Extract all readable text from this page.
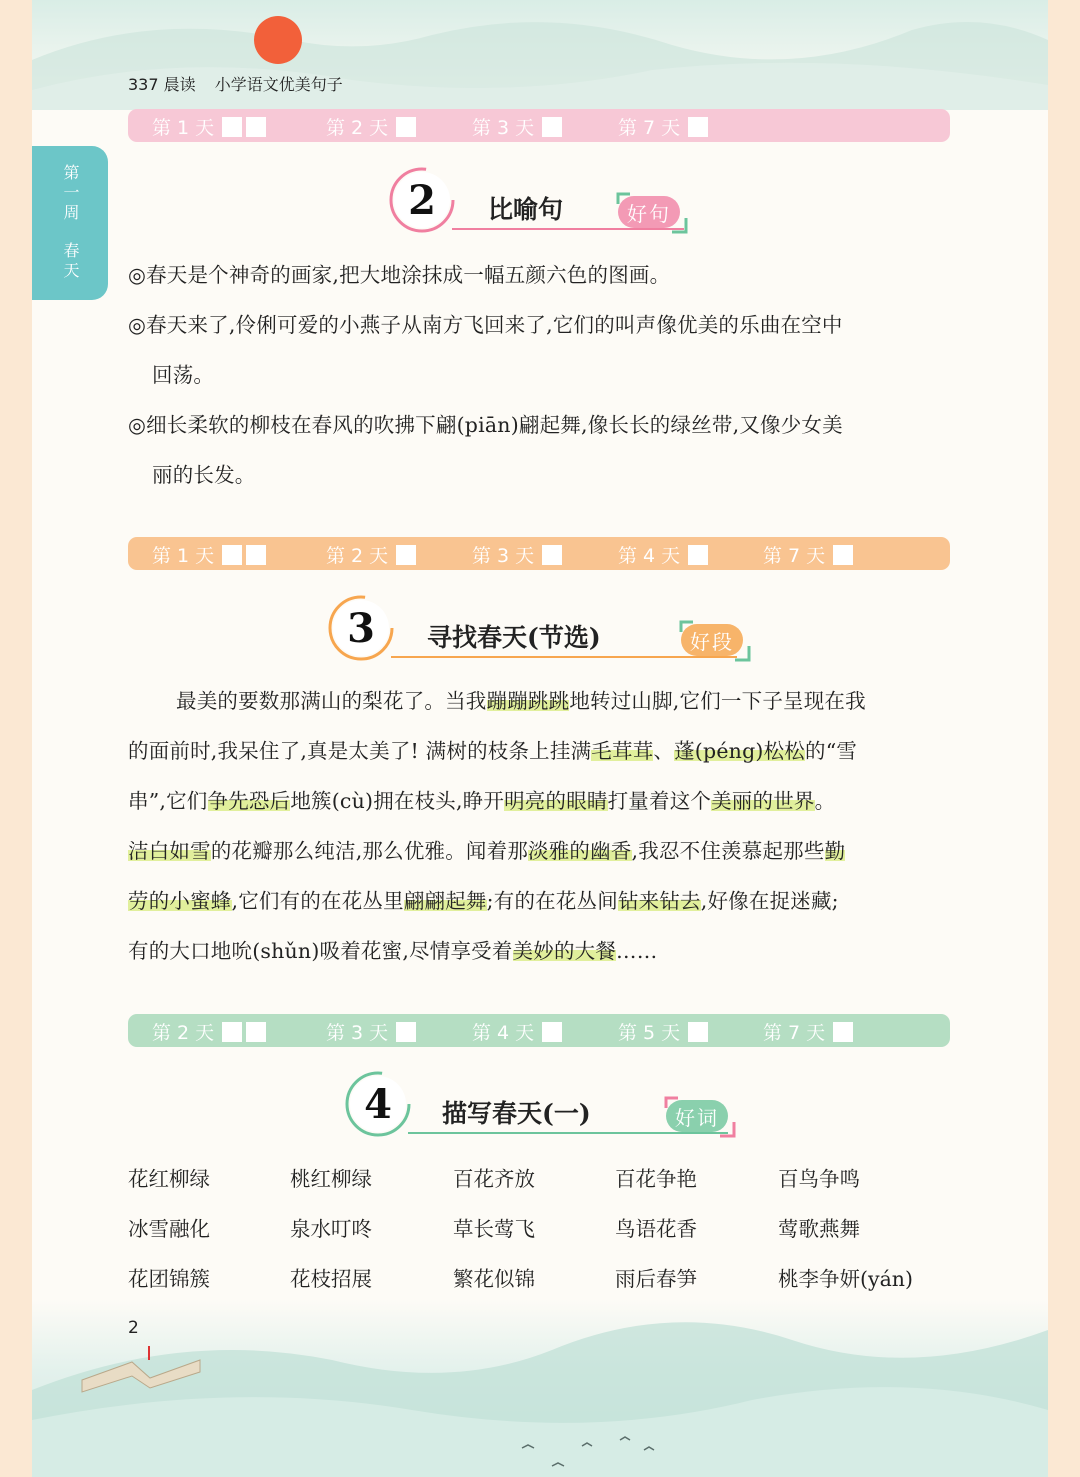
337 晨读 小学语文优美句子
第一周
春天
第 1 天	第 2 天	第 3 天	第 7 天
2	比喻句	好句
◎春天是个神奇的画家,把大地涂抹成一幅五颜六色的图画。
◎春天来了,伶俐可爱的小燕子从南方飞回来了,它们的叫声像优美的乐曲在空中
回荡。
◎细长柔软的柳枝在春风的吹拂下翩(piān)翩起舞,像长长的绿丝带,又像少女美
丽的长发。
第 1 天	第 2 天	第 3 天	第 4 天	第 7 天
3	寻找春天(节选)	好段
最美的要数那满山的梨花了。当我蹦蹦跳跳地转过山脚,它们一下子呈现在我
的面前时,我呆住了,真是太美了! 满树的枝条上挂满毛茸茸、蓬(péng)松松的“雪
串”,它们争先恐后地簇(cù)拥在枝头,睁开明亮的眼睛打量着这个美丽的世界。
洁白如雪的花瓣那么纯洁,那么优雅。闻着那淡雅的幽香,我忍不住羡慕起那些勤
劳的小蜜蜂,它们有的在花丛里翩翩起舞;有的在花丛间钻来钻去,好像在捉迷藏;
有的大口地吮(shǔn)吸着花蜜,尽情享受着美妙的大餐……
第 2 天	第 3 天	第 4 天	第 5 天	第 7 天
4	描写春天(一)	好词
花红柳绿	桃红柳绿	百花齐放	百花争艳	百鸟争鸣
冰雪融化	泉水叮咚	草长莺飞	鸟语花香	莺歌燕舞
花团锦簇	花枝招展	繁花似锦	雨后春笋	桃李争妍(yán)
2
